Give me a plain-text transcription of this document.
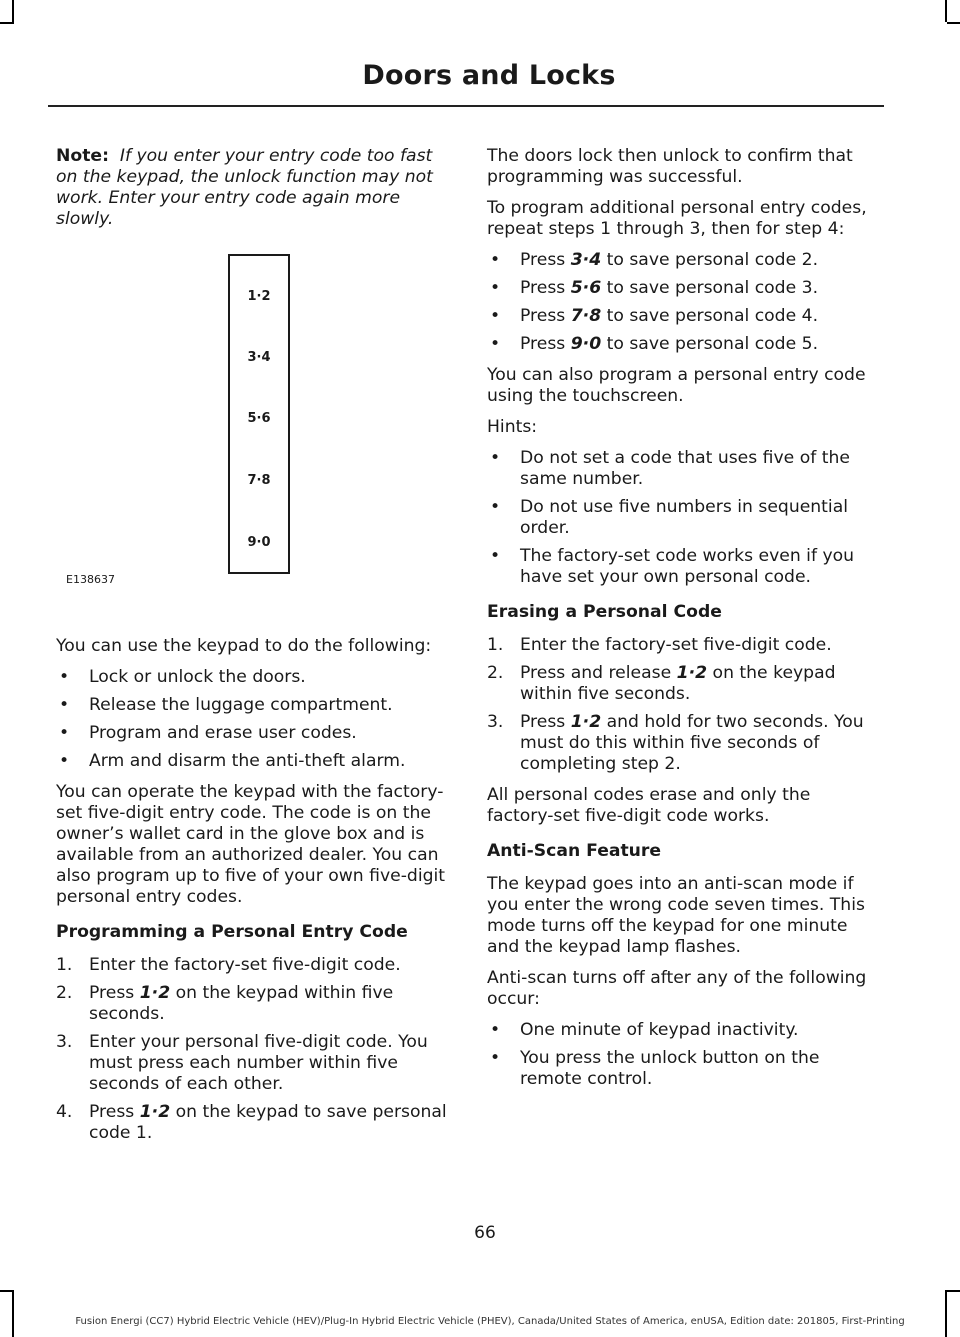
Doors and Locks

Note: If you enter your entry code too fast on the keypad, the unlock function may not work. Enter your entry code again more slowly.

1·2
3·4
5·6
7·8
9·0
E138637

You can use the keypad to do the following:

• Lock or unlock the doors.
• Release the luggage compartment.
• Program and erase user codes.
• Arm and disarm the anti-theft alarm.

You can operate the keypad with the factory-set five-digit entry code. The code is on the owner’s wallet card in the glove box and is available from an authorized dealer. You can also program up to five of your own five-digit personal entry codes.

Programming a Personal Entry Code
1. Enter the factory-set five-digit code.
2. Press 1·2 on the keypad within five seconds.
3. Enter your personal five-digit code. You must press each number within five seconds of each other.
4. Press 1·2 on the keypad to save personal code 1.

The doors lock then unlock to confirm that programming was successful.

To program additional personal entry codes, repeat steps 1 through 3, then for step 4:

• Press 3·4 to save personal code 2.
• Press 5·6 to save personal code 3.
• Press 7·8 to save personal code 4.
• Press 9·0 to save personal code 5.

You can also program a personal entry code using the touchscreen.

Hints:

• Do not set a code that uses five of the same number.
• Do not use five numbers in sequential order.
• The factory-set code works even if you have set your own personal code.
Erasing a Personal Code
1. Enter the factory-set five-digit code.
2. Press and release 1·2 on the keypad within five seconds.
3. Press 1·2 and hold for two seconds. You must do this within five seconds of completing step 2.

All personal codes erase and only the factory-set five-digit code works.

Anti-Scan Feature

The keypad goes into an anti-scan mode if you enter the wrong code seven times. This mode turns off the keypad for one minute and the keypad lamp flashes.

Anti-scan turns off after any of the following occur:

• One minute of keypad inactivity.
• You press the unlock button on the remote control.
66
Fusion Energi (CC7) Hybrid Electric Vehicle (HEV)/Plug-In Hybrid Electric Vehicle (PHEV), Canada/United States of America, enUSA, Edition date: 201805, First-Printing
